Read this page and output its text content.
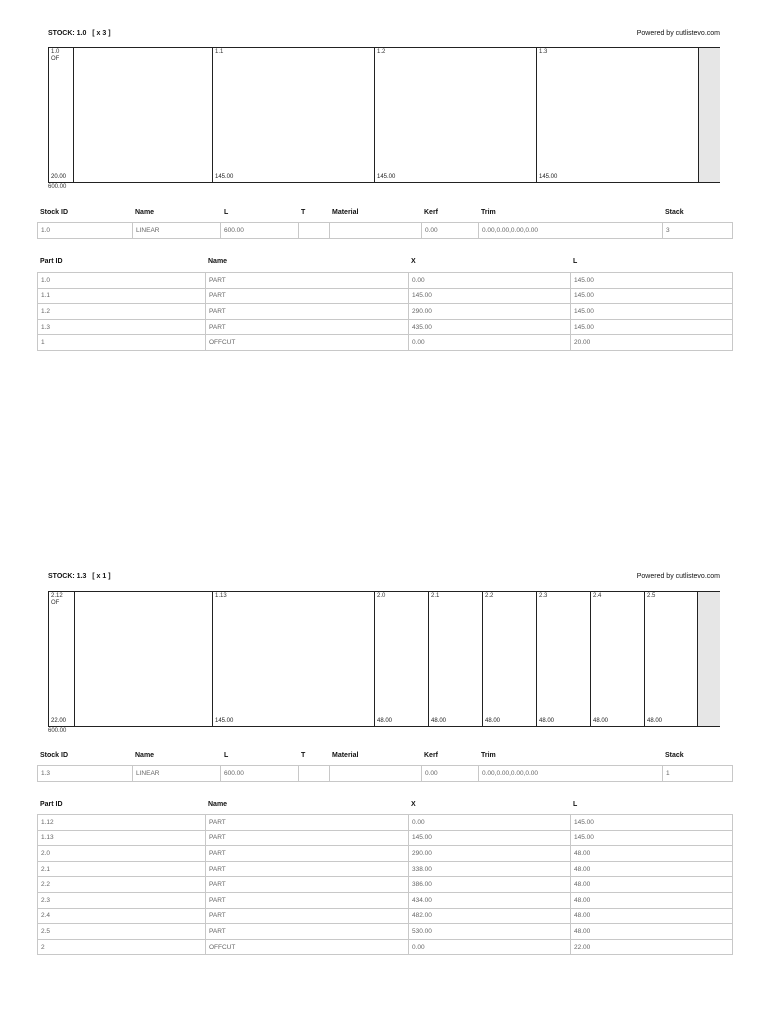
STOCK: 1.0 [ x 3 ]	Powered by cutlistevo.com
1.0
OF
20.00
1.1
145.00
1.2
145.00
1.3
145.00
600.00
Stock ID	Name	L	T	Material	Kerf	Trim	Stack
1.0	LINEAR	600.00			0.00	0.00,0.00,0.00,0.00	3
Part ID	Name	X	L
1.0	PART	0.00	145.00
1.1	PART	145.00	145.00
1.2	PART	290.00	145.00
1.3	PART	435.00	145.00
1	OFFCUT	0.00	20.00
STOCK: 1.3 [ x 1 ]	Powered by cutlistevo.com
2.12
OF
22.00
1.13
145.00
2.0
48.00
2.1
48.00
2.2
48.00
2.3
48.00
2.4
48.00
2.5
48.00
600.00
Stock ID	Name	L	T	Material	Kerf	Trim	Stack
1.3	LINEAR	600.00			0.00	0.00,0.00,0.00,0.00	1
Part ID	Name	X	L
1.12	PART	0.00	145.00
1.13	PART	145.00	145.00
2.0	PART	290.00	48.00
2.1	PART	338.00	48.00
2.2	PART	386.00	48.00
2.3	PART	434.00	48.00
2.4	PART	482.00	48.00
2.5	PART	530.00	48.00
2	OFFCUT	0.00	22.00
